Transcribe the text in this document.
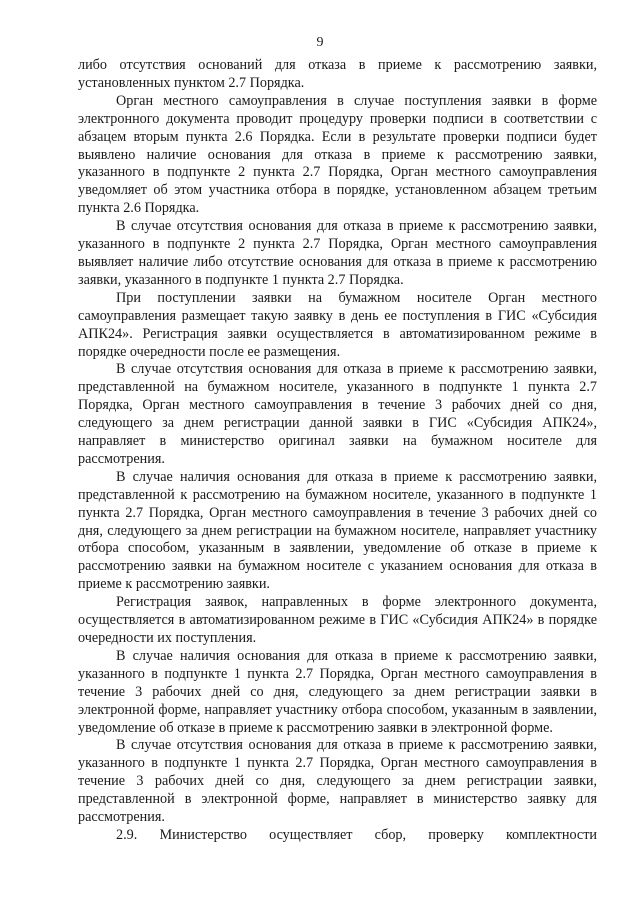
9

либо отсутствия оснований для отказа в приеме к рассмотрению заявки, установленных пунктом 2.7 Порядка.

Орган местного самоуправления в случае поступления заявки в форме электронного документа проводит процедуру проверки подписи в соответствии с абзацем вторым пункта 2.6 Порядка. Если в результате проверки подписи будет выявлено наличие основания для отказа в приеме к рассмотрению заявки, указанного в подпункте 2 пункта 2.7 Порядка, Орган местного самоуправления уведомляет об этом участника отбора в порядке, установленном абзацем третьим пункта 2.6 Порядка.

В случае отсутствия основания для отказа в приеме к рассмотрению заявки, указанного в подпункте 2 пункта 2.7 Порядка, Орган местного самоуправления выявляет наличие либо отсутствие основания для отказа в приеме к рассмотрению заявки, указанного в подпункте 1 пункта 2.7 Порядка.

При поступлении заявки на бумажном носителе Орган местного самоуправления размещает такую заявку в день ее поступления в ГИС «Субсидия АПК24». Регистрация заявки осуществляется в автоматизированном режиме в порядке очередности после ее размещения.

В случае отсутствия основания для отказа в приеме к рассмотрению заявки, представленной на бумажном носителе, указанного в подпункте 1 пункта 2.7 Порядка, Орган местного самоуправления в течение 3 рабочих дней со дня, следующего за днем регистрации данной заявки в ГИС «Субсидия АПК24», направляет в министерство оригинал заявки на бумажном носителе для рассмотрения.

В случае наличия основания для отказа в приеме к рассмотрению заявки, представленной к рассмотрению на бумажном носителе, указанного в подпункте 1 пункта 2.7 Порядка, Орган местного самоуправления в течение 3 рабочих дней со дня, следующего за днем регистрации на бумажном носителе, направляет участнику отбора способом, указанным в заявлении, уведомление об отказе в приеме к рассмотрению заявки на бумажном носителе с указанием основания для отказа в приеме к рассмотрению заявки.

Регистрация заявок, направленных в форме электронного документа, осуществляется в автоматизированном режиме в ГИС «Субсидия АПК24» в порядке очередности их поступления.

В случае наличия основания для отказа в приеме к рассмотрению заявки, указанного в подпункте 1 пункта 2.7 Порядка, Орган местного самоуправления в течение 3 рабочих дней со дня, следующего за днем регистрации заявки в электронной форме, направляет участнику отбора способом, указанным в заявлении, уведомление об отказе в приеме к рассмотрению заявки в электронной форме.

В случае отсутствия основания для отказа в приеме к рассмотрению заявки, указанного в подпункте 1 пункта 2.7 Порядка, Орган местного самоуправления в течение 3 рабочих дней со дня, следующего за днем регистрации заявки, представленной в электронной форме, направляет в министерство заявку для рассмотрения.

2.9. Министерство осуществляет сбор, проверку комплектности
